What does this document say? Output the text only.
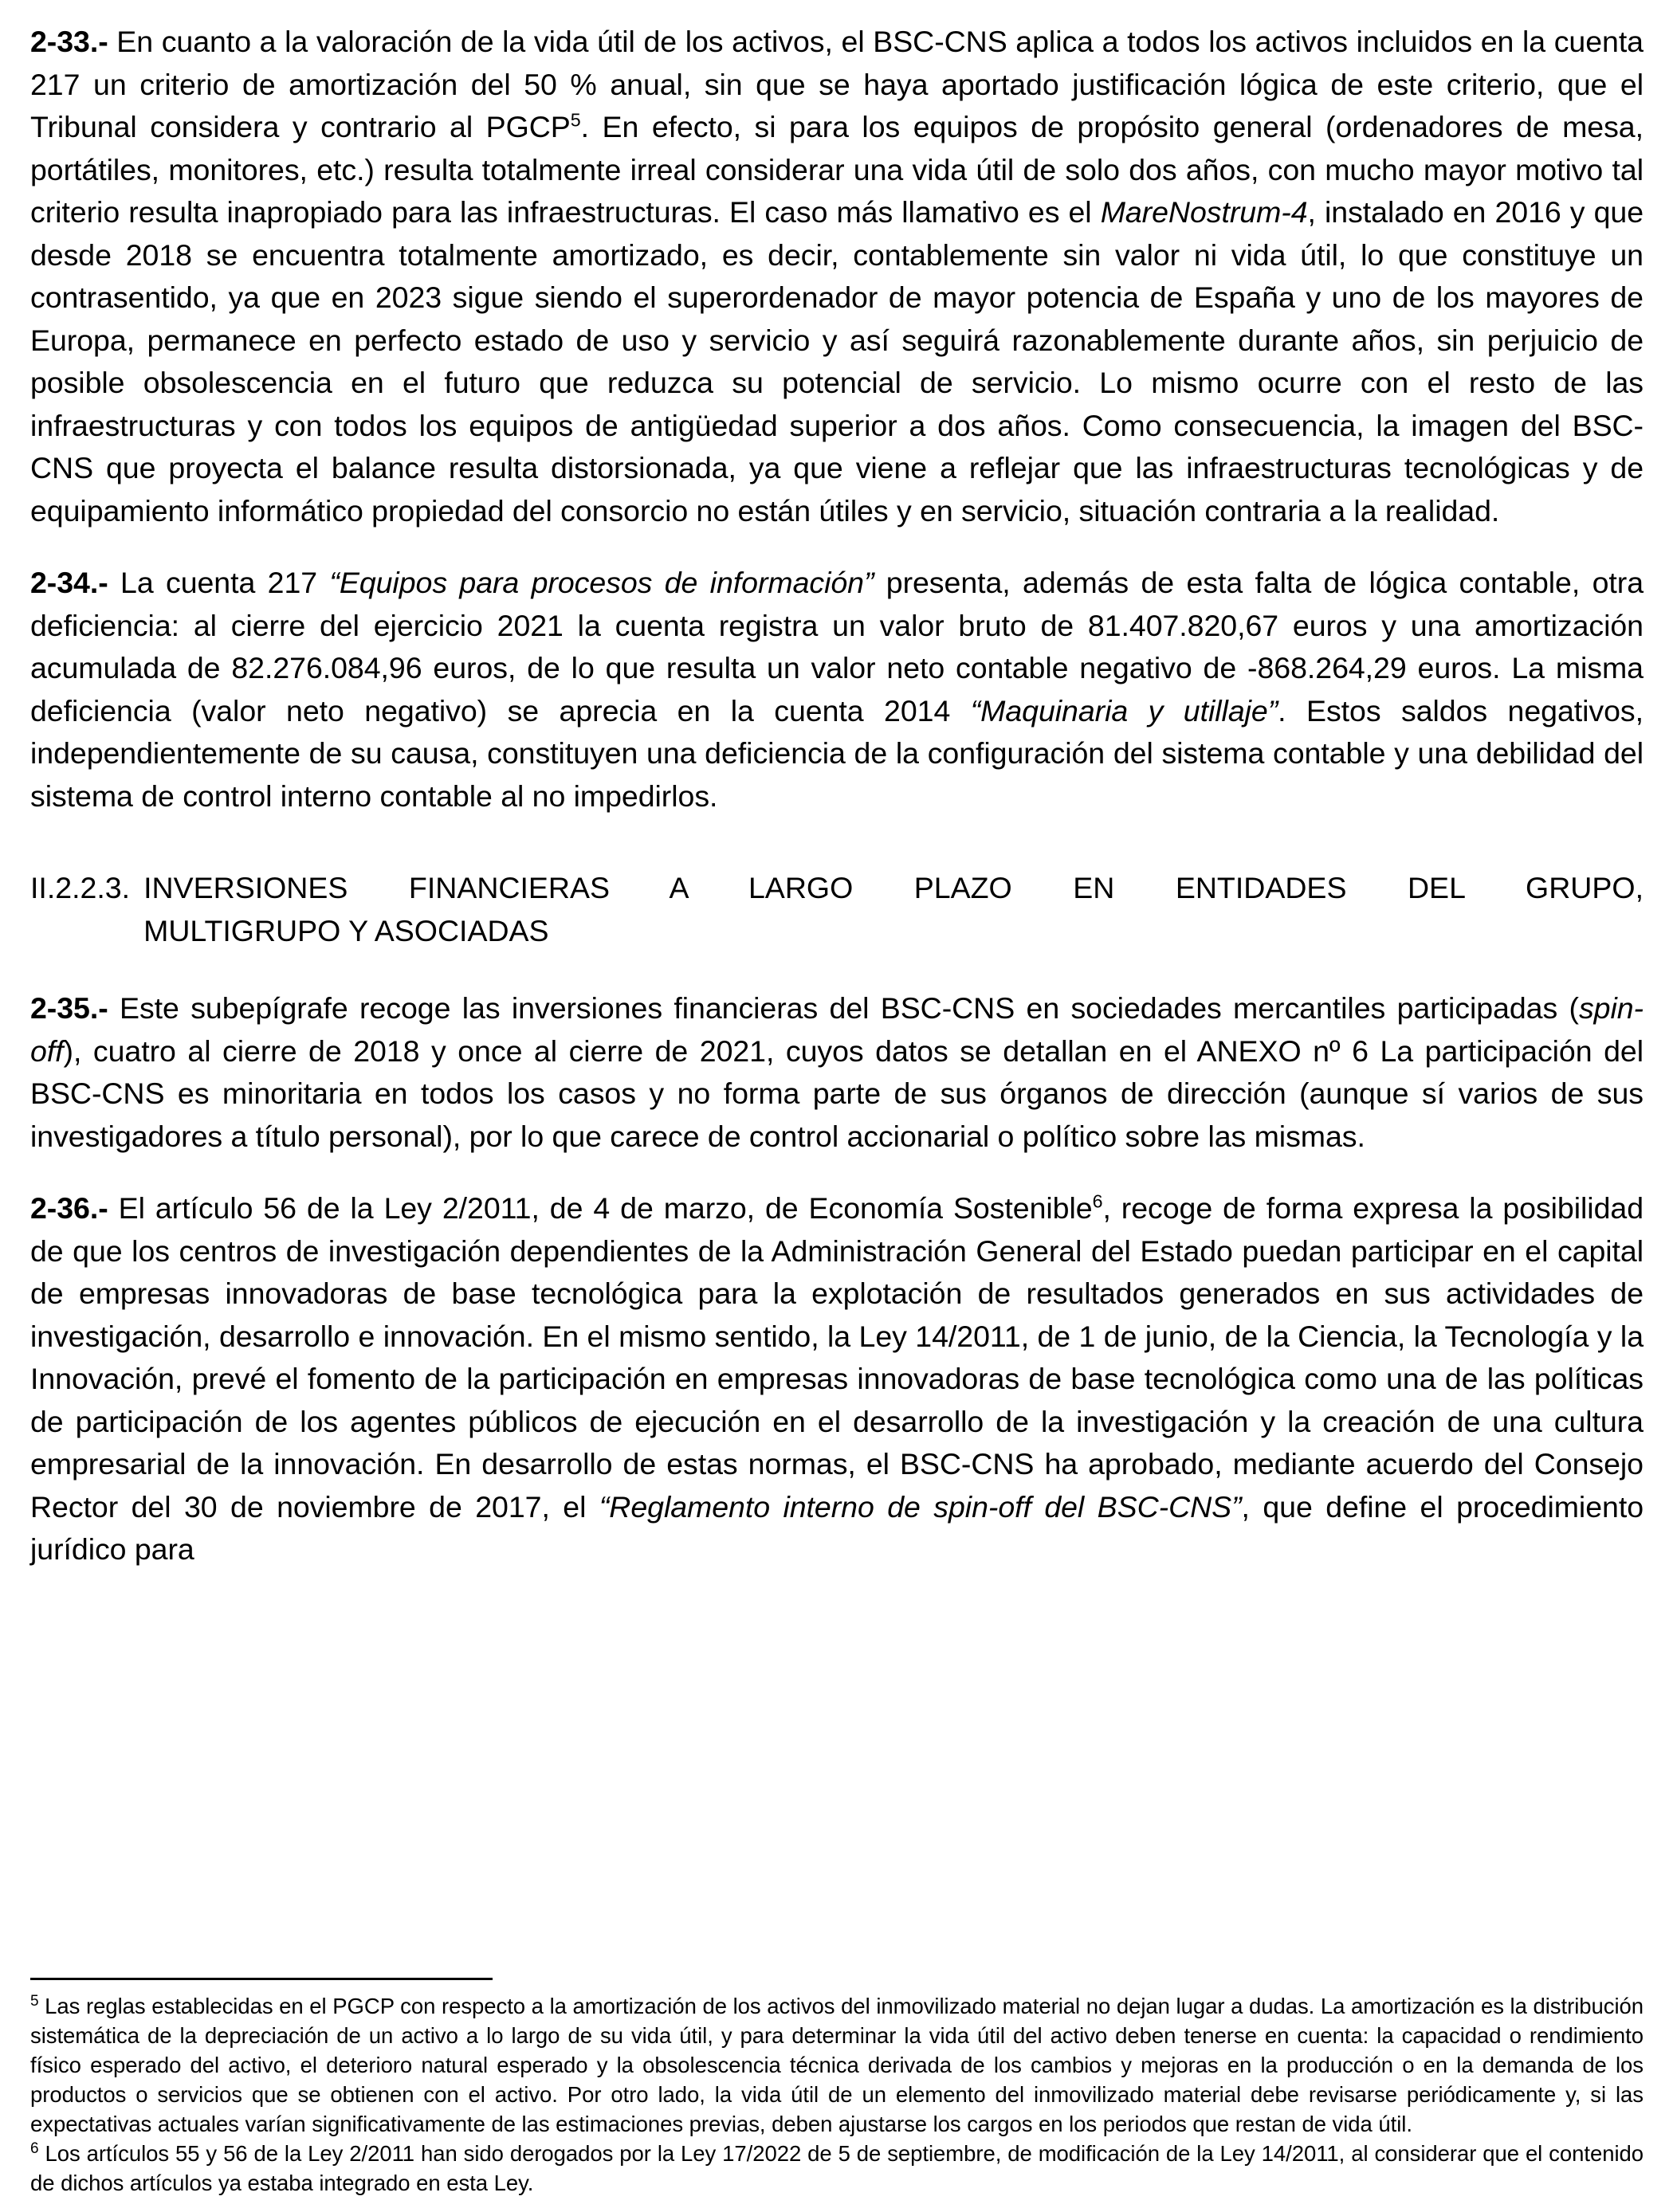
2-33.- En cuanto a la valoración de la vida útil de los activos, el BSC-CNS aplica a todos los activos incluidos en la cuenta 217 un criterio de amortización del 50 % anual, sin que se haya aportado justificación lógica de este criterio, que el Tribunal considera y contrario al PGCP$^5$. En efecto, si para los equipos de propósito general (ordenadores de mesa, portátiles, monitores, etc.) resulta totalmente irreal considerar una vida útil de solo dos años, con mucho mayor motivo tal criterio resulta inapropiado para las infraestructuras. El caso más llamativo es el MareNostrum-4, instalado en 2016 y que desde 2018 se encuentra totalmente amortizado, es decir, contablemente sin valor ni vida útil, lo que constituye un contrasentido, ya que en 2023 sigue siendo el superordenador de mayor potencia de España y uno de los mayores de Europa, permanece en perfecto estado de uso y servicio y así seguirá razonablemente durante años, sin perjuicio de posible obsolescencia en el futuro que reduzca su potencial de servicio. Lo mismo ocurre con el resto de las infraestructuras y con todos los equipos de antigüedad superior a dos años. Como consecuencia, la imagen del BSC-CNS que proyecta el balance resulta distorsionada, ya que viene a reflejar que las infraestructuras tecnológicas y de equipamiento informático propiedad del consorcio no están útiles y en servicio, situación contraria a la realidad.

2-34.- La cuenta 217 “Equipos para procesos de información” presenta, además de esta falta de lógica contable, otra deficiencia: al cierre del ejercicio 2021 la cuenta registra un valor bruto de 81.407.820,67 euros y una amortización acumulada de 82.276.084,96 euros, de lo que resulta un valor neto contable negativo de -868.264,29 euros. La misma deficiencia (valor neto negativo) se aprecia en la cuenta 2014 “Maquinaria y utillaje”. Estos saldos negativos, independientemente de su causa, constituyen una deficiencia de la configuración del sistema contable y una debilidad del sistema de control interno contable al no impedirlos.

II.2.2.3. INVERSIONES FINANCIERAS A LARGO PLAZO EN ENTIDADES DEL GRUPO,
MULTIGRUPO Y ASOCIADAS

2-35.- Este subepígrafe recoge las inversiones financieras del BSC-CNS en sociedades mercantiles participadas (spin-off), cuatro al cierre de 2018 y once al cierre de 2021, cuyos datos se detallan en el ANEXO nº 6 La participación del BSC-CNS es minoritaria en todos los casos y no forma parte de sus órganos de dirección (aunque sí varios de sus investigadores a título personal), por lo que carece de control accionarial o político sobre las mismas.

2-36.- El artículo 56 de la Ley 2/2011, de 4 de marzo, de Economía Sostenible$^6$, recoge de forma expresa la posibilidad de que los centros de investigación dependientes de la Administración General del Estado puedan participar en el capital de empresas innovadoras de base tecnológica para la explotación de resultados generados en sus actividades de investigación, desarrollo e innovación. En el mismo sentido, la Ley 14/2011, de 1 de junio, de la Ciencia, la Tecnología y la Innovación, prevé el fomento de la participación en empresas innovadoras de base tecnológica como una de las políticas de participación de los agentes públicos de ejecución en el desarrollo de la investigación y la creación de una cultura empresarial de la innovación. En desarrollo de estas normas, el BSC-CNS ha aprobado, mediante acuerdo del Consejo Rector del 30 de noviembre de 2017, el “Reglamento interno de spin-off del BSC-CNS”, que define el procedimiento jurídico para

$^5$ Las reglas establecidas en el PGCP con respecto a la amortización de los activos del inmovilizado material no dejan lugar a dudas. La amortización es la distribución sistemática de la depreciación de un activo a lo largo de su vida útil, y para determinar la vida útil del activo deben tenerse en cuenta: la capacidad o rendimiento físico esperado del activo, el deterioro natural esperado y la obsolescencia técnica derivada de los cambios y mejoras en la producción o en la demanda de los productos o servicios que se obtienen con el activo. Por otro lado, la vida útil de un elemento del inmovilizado material debe revisarse periódicamente y, si las expectativas actuales varían significativamente de las estimaciones previas, deben ajustarse los cargos en los periodos que restan de vida útil.

$^6$ Los artículos 55 y 56 de la Ley 2/2011 han sido derogados por la Ley 17/2022 de 5 de septiembre, de modificación de la Ley 14/2011, al considerar que el contenido de dichos artículos ya estaba integrado en esta Ley.
